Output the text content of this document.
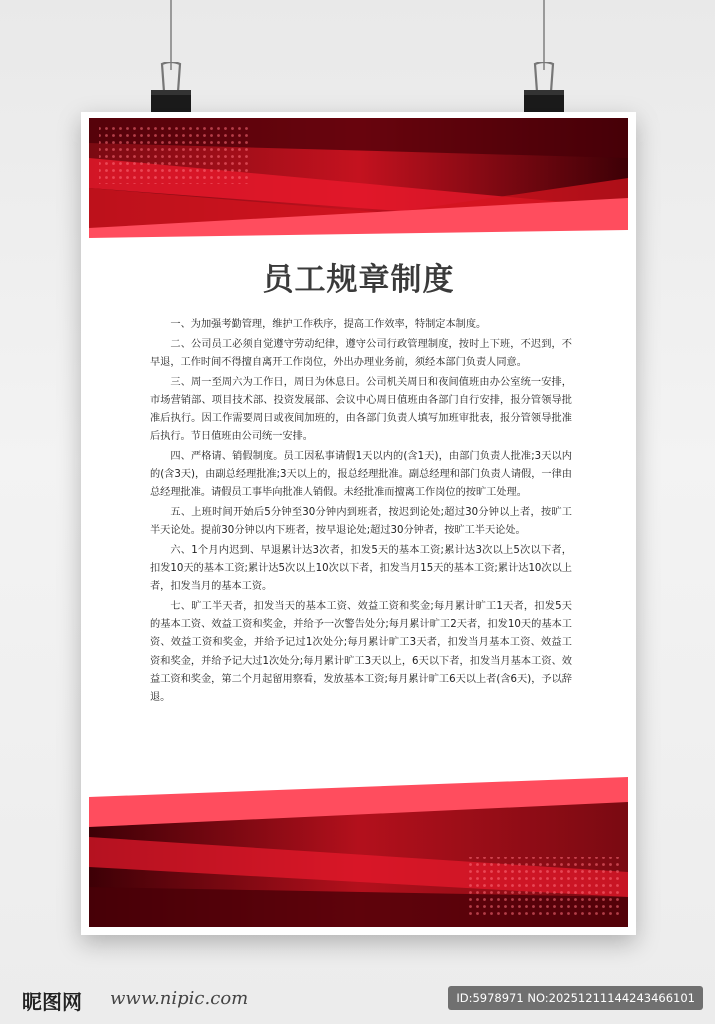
员工规章制度

一、为加强考勤管理，维护工作秩序，提高工作效率，特制定本制度。

二、公司员工必须自觉遵守劳动纪律，遵守公司行政管理制度，按时上下班，不迟到，不早退，工作时间不得擅自离开工作岗位，外出办理业务前，须经本部门负责人同意。

三、周一至周六为工作日，周日为休息日。公司机关周日和夜间值班由办公室统一安排，市场营销部、项目技术部、投资发展部、会议中心周日值班由各部门自行安排，报分管领导批准后执行。因工作需要周日或夜间加班的，由各部门负责人填写加班审批表，报分管领导批准后执行。节日值班由公司统一安排。

四、严格请、销假制度。员工因私事请假1天以内的(含1天)，由部门负责人批准;3天以内的(含3天)，由副总经理批准;3天以上的，报总经理批准。副总经理和部门负责人请假，一律由总经理批准。请假员工事毕向批准人销假。未经批准而擅离工作岗位的按旷工处理。

五、上班时间开始后5分钟至30分钟内到班者，按迟到论处;超过30分钟以上者，按旷工半天论处。提前30分钟以内下班者，按早退论处;超过30分钟者，按旷工半天论处。

六、1个月内迟到、早退累计达3次者，扣发5天的基本工资;累计达3次以上5次以下者，扣发10天的基本工资;累计达5次以上10次以下者，扣发当月15天的基本工资;累计达10次以上者，扣发当月的基本工资。

七、旷工半天者，扣发当天的基本工资、效益工资和奖金;每月累计旷工1天者，扣发5天的基本工资、效益工资和奖金，并给予一次警告处分;每月累计旷工2天者，扣发10天的基本工资、效益工资和奖金，并给予记过1次处分;每月累计旷工3天者，扣发当月基本工资、效益工资和奖金，并给予记大过1次处分;每月累计旷工3天以上，6天以下者，扣发当月基本工资、效益工资和奖金，第二个月起留用察看，发放基本工资;每月累计旷工6天以上者(含6天)，予以辞退。

昵图网 www.nipic.com	ID:5978971 NO:20251211144243466101
